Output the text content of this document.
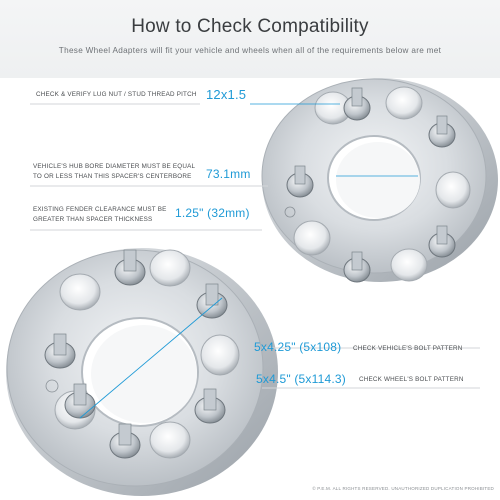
How to Check Compatibility
These Wheel Adapters will fit your vehicle and wheels when all of the requirements below are met
CHECK & VERIFY LUG NUT / STUD THREAD PITCH 12x1.5
VEHICLE'S HUB BORE DIAMETER MUST BE EQUAL
TO OR LESS THAN THIS SPACER'S CENTERBORE 73.1mm
EXISTING FENDER CLEARANCE MUST BE
GREATER THAN SPACER THICKNESS 1.25" (32mm)
5x4.25" (5x108) CHECK VEHICLE'S BOLT PATTERN
5x4.5" (5x114.3) CHECK WHEEL'S BOLT PATTERN
© P.E.M. ALL RIGHTS RESERVED. UNAUTHORIZED DUPLICATION PROHIBITED
